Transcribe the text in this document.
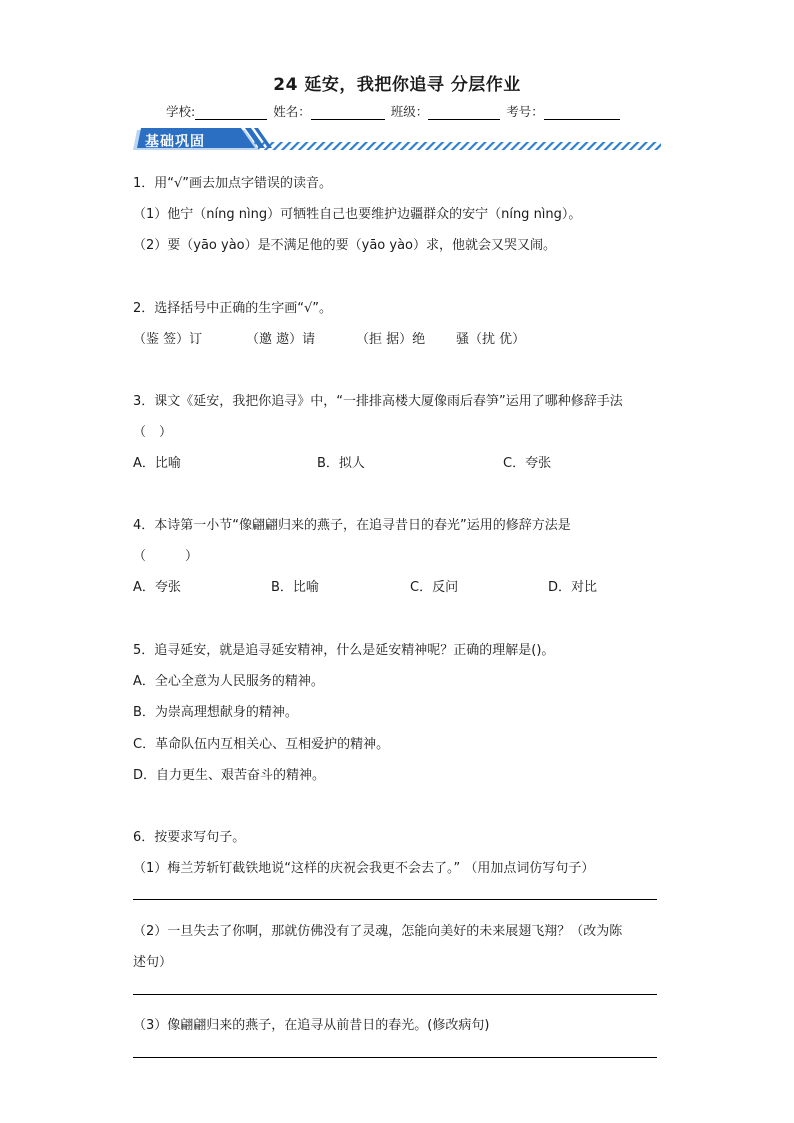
24 延安，我把你追寻 分层作业
学校:	姓名：	班级：	考号：
基础巩固
1．用“√”画去加点字错误的读音。
（1）他宁（níng nìng）可牺牲自己也要维护边疆群众的安宁（níng nìng）。
（2）要（yāo yào）是不满足他的要（yāo yào）求，他就会又哭又闹。
2．选择括号中正确的生字画“√”。
（鉴 签）订	（邀 遨）请	（拒 据）绝 骚（扰 优）
3．课文《延安，我把你追寻》中，“一排排高楼大厦像雨后春笋”运用了哪种修辞手法
（　）
A．比喻	B．拟人	C．夸张
4．本诗第一小节“像翩翩归来的燕子，在追寻昔日的春光”运用的修辞方法是
（　　　）
A．夸张	B．比喻	C．反问	D．对比
5．追寻延安，就是追寻延安精神，什么是延安精神呢？正确的理解是()。
A．全心全意为人民服务的精神。
B．为崇高理想献身的精神。
C．革命队伍内互相关心、互相爱护的精神。
D．自力更生、艰苦奋斗的精神。
6．按要求写句子。
（1）梅兰芳斩钉截铁地说“这样的庆祝会我更不会去了。” （用加点词仿写句子）
（2）一旦失去了你啊，那就仿佛没有了灵魂，怎能向美好的未来展翅飞翔？（改为陈
述句）
（3）像翩翩归来的燕子，在追寻从前昔日的春光。(修改病句)
